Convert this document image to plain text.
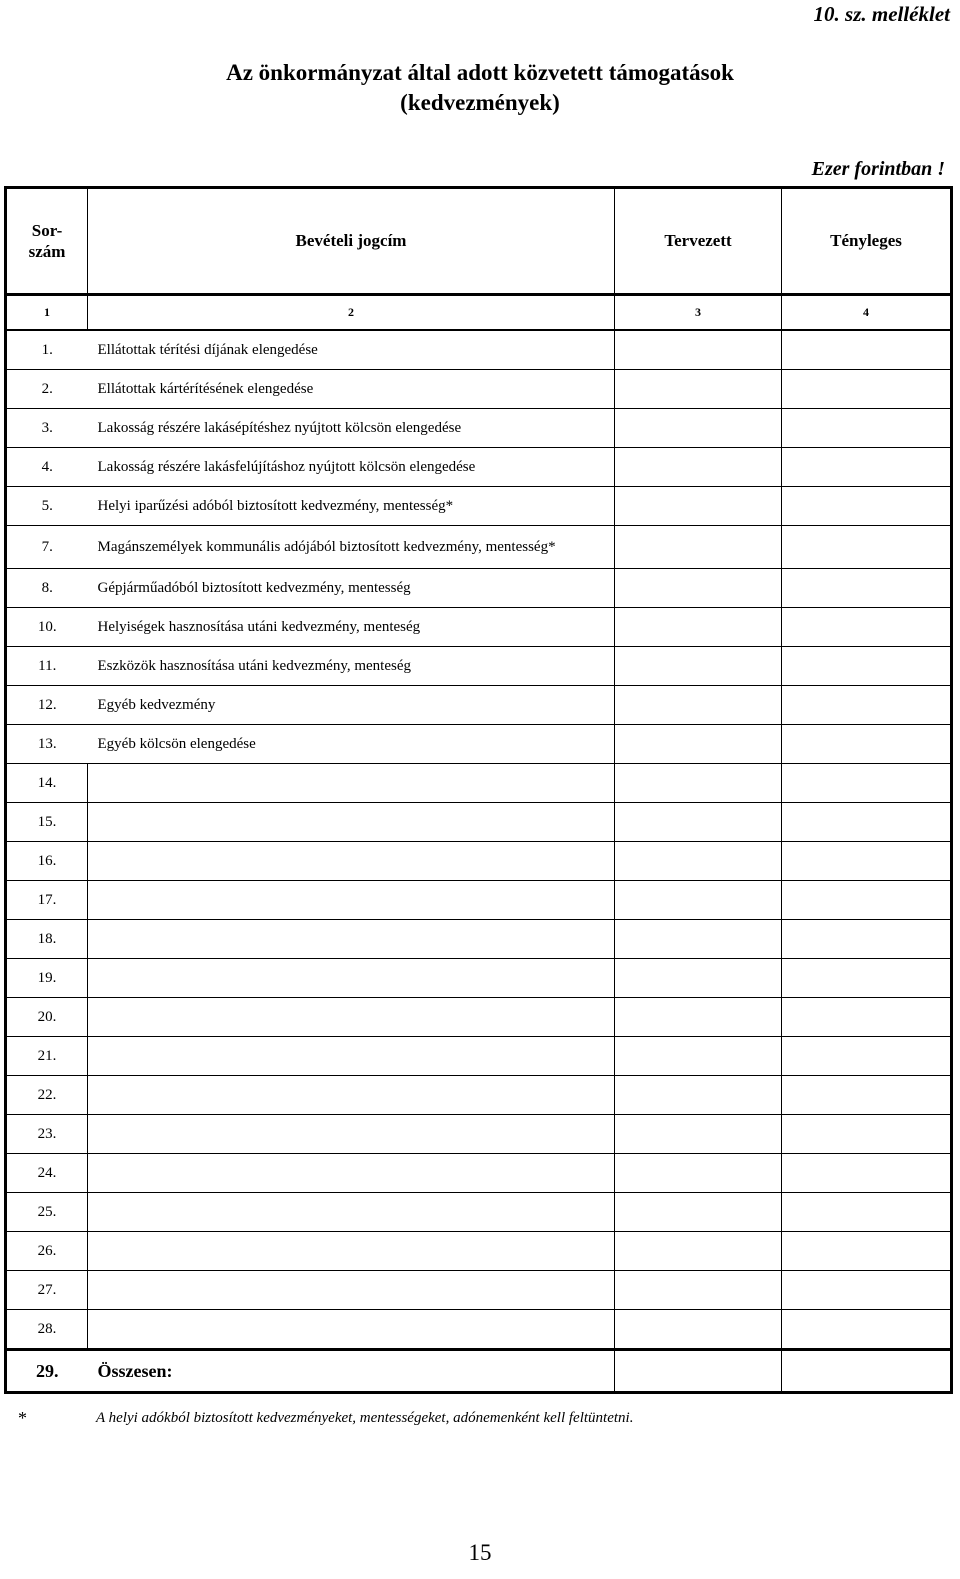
10. sz. melléklet
Az önkormányzat által adott közvetett támogatások
(kedvezmények)
Ezer forintban !
Sor-
szám	Bevételi jogcím	Tervezett	Tényleges
1	2	3	4
1.	Ellátottak térítési díjának elengedése		
2.	Ellátottak kártérítésének elengedése		
3.	Lakosság részére lakásépítéshez nyújtott kölcsön elengedése		
4.	Lakosság részére lakásfelújításhoz nyújtott kölcsön elengedése		
5.	Helyi iparűzési adóból biztosított kedvezmény, mentesség*		
7.	Magánszemélyek kommunális adójából biztosított kedvezmény, mentesség*		
8.	Gépjárműadóból biztosított kedvezmény, mentesség		
10.	Helyiségek hasznosítása utáni kedvezmény, menteség		
11.	Eszközök hasznosítása utáni kedvezmény, menteség		
12.	Egyéb kedvezmény		
13.	Egyéb kölcsön elengedése		
14.			
15.			
16.			
17.			
18.			
19.			
20.			
21.			
22.			
23.			
24.			
25.			
26.			
27.			
28.			
29.	Összesen:		
*	A helyi adókból biztosított kedvezményeket, mentességeket, adónemenként kell feltüntetni.
15
